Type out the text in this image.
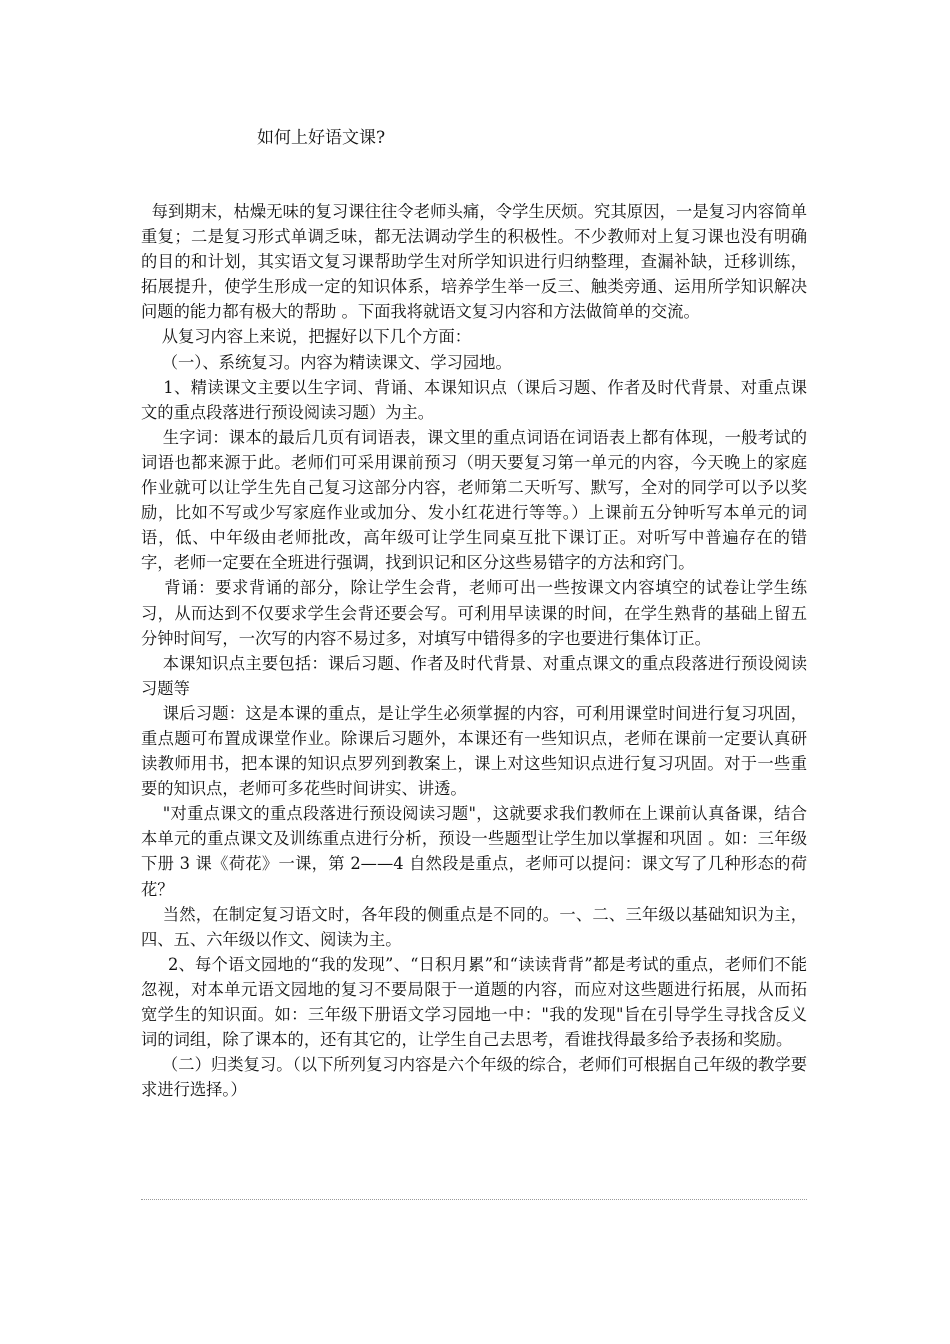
如何上好语文课?

每到期末，枯燥无味的复习课往往令老师头痛，令学生厌烦。究其原因，一是复习内容简单重复；二是复习形式单调乏味，都无法调动学生的积极性。不少教师对上复习课也没有明确的目的和计划，其实语文复习课帮助学生对所学知识进行归纳整理，查漏补缺，迁移训练，拓展提升，使学生形成一定的知识体系，培养学生举一反三、触类旁通、运用所学知识解决问题的能力都有极大的帮助 。下面我将就语文复习内容和方法做简单的交流。

从复习内容上来说，把握好以下几个方面：

（一）、系统复习。内容为精读课文、学习园地。

1、精读课文主要以生字词、背诵、本课知识点（课后习题、作者及时代背景、对重点课文的重点段落进行预设阅读习题）为主。

生字词：课本的最后几页有词语表，课文里的重点词语在词语表上都有体现，一般考试的词语也都来源于此。老师们可采用课前预习（明天要复习第一单元的内容，今天晚上的家庭作业就可以让学生先自己复习这部分内容，老师第二天听写、默写，全对的同学可以予以奖励，比如不写或少写家庭作业或加分、发小红花进行等等。）上课前五分钟听写本单元的词语，低、中年级由老师批改，高年级可让学生同桌互批下课订正。对听写中普遍存在的错字，老师一定要在全班进行强调，找到识记和区分这些易错字的方法和窍门。

背诵：要求背诵的部分，除让学生会背，老师可出一些按课文内容填空的试卷让学生练习，从而达到不仅要求学生会背还要会写。可利用早读课的时间，在学生熟背的基础上留五分钟时间写，一次写的内容不易过多，对填写中错得多的字也要进行集体订正。

本课知识点主要包括：课后习题、作者及时代背景、对重点课文的重点段落进行预设阅读习题等

课后习题：这是本课的重点，是让学生必须掌握的内容，可利用课堂时间进行复习巩固，重点题可布置成课堂作业。除课后习题外，本课还有一些知识点，老师在课前一定要认真研读教师用书，把本课的知识点罗列到教案上，课上对这些知识点进行复习巩固。对于一些重要的知识点，老师可多花些时间讲实、讲透。

"对重点课文的重点段落进行预设阅读习题"，这就要求我们教师在上课前认真备课，结合本单元的重点课文及训练重点进行分析，预设一些题型让学生加以掌握和巩固 。如：三年级下册 3 课《荷花》一课，第 2——4 自然段是重点，老师可以提问：课文写了几种形态的荷花？

当然，在制定复习语文时，各年段的侧重点是不同的。一、二、三年级以基础知识为主，四、五、六年级以作文、阅读为主。

2、每个语文园地的“我的发现”、“日积月累”和“读读背背”都是考试的重点，老师们不能忽视，对本单元语文园地的复习不要局限于一道题的内容，而应对这些题进行拓展，从而拓宽学生的知识面。如：三年级下册语文学习园地一中："我的发现"旨在引导学生寻找含反义词的词组，除了课本的，还有其它的，让学生自己去思考，看谁找得最多给予表扬和奖励。

（二）归类复习。（以下所列复习内容是六个年级的综合，老师们可根据自己年级的教学要求进行选择。）
